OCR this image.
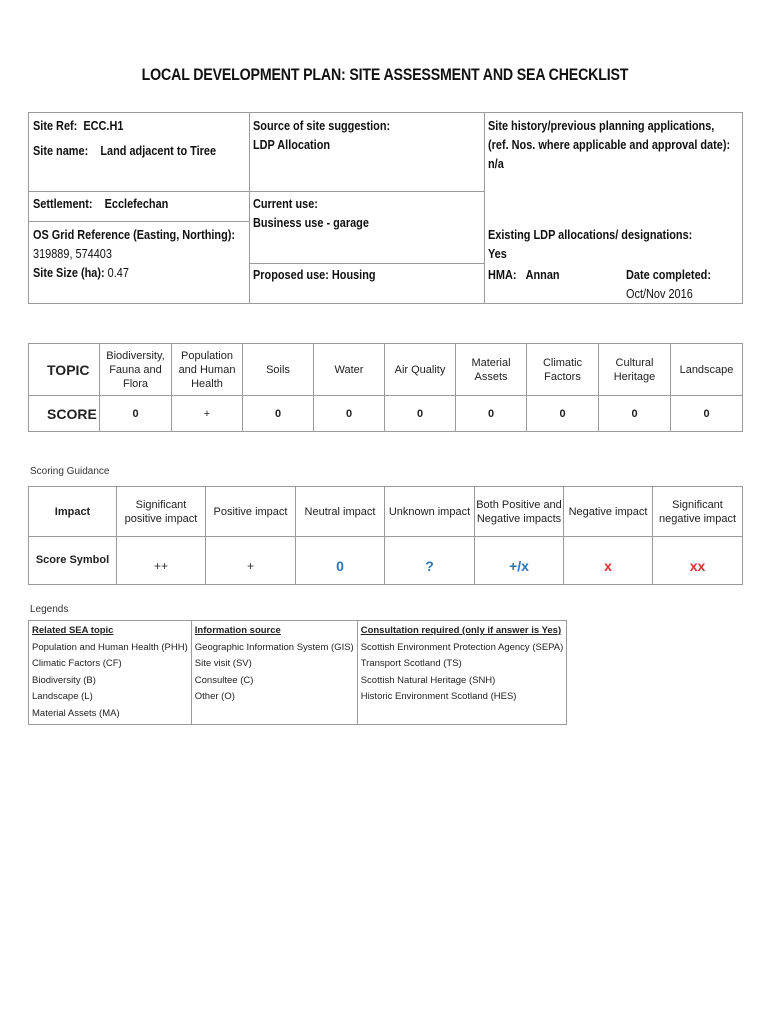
LOCAL DEVELOPMENT PLAN: SITE ASSESSMENT AND SEA CHECKLIST
Site Ref: ECC.H1
Site name: Land adjacent to Tiree
Settlement: Ecclefechan
OS Grid Reference (Easting, Northing):
319889, 574403
Site Size (ha): 0.47
Source of site suggestion:
LDP Allocation
Current use:
Business use - garage
Proposed use: Housing
Site history/previous planning applications, (ref. Nos. where applicable and approval date):
n/a
Existing LDP allocations/ designations:
Yes
HMA: Annan	Date completed:
Oct/Nov 2016
TOPIC	Biodiversity, Fauna and Flora	Population and Human Health	Soils	Water	Air Quality	Material Assets	Climatic Factors	Cultural Heritage	Landscape
SCORE	0	+	0	0	0	0	0	0	0
Scoring Guidance
Impact	Significant positive impact	Positive impact	Neutral impact	Unknown impact	Both Positive and Negative impacts	Negative impact	Significant negative impact
Score Symbol	++	+	0	?	+/x	x	xx
Legends
Related SEA topic
Population and Human Health (PHH)
Climatic Factors (CF)
Biodiversity (B)
Landscape (L)
Material Assets (MA)

Information source
Geographic Information System (GIS)
Site visit (SV)
Consultee (C)
Other (O)

Consultation required (only if answer is Yes)
Scottish Environment Protection Agency (SEPA)
Transport Scotland (TS)
Scottish Natural Heritage (SNH)
Historic Environment Scotland (HES)
